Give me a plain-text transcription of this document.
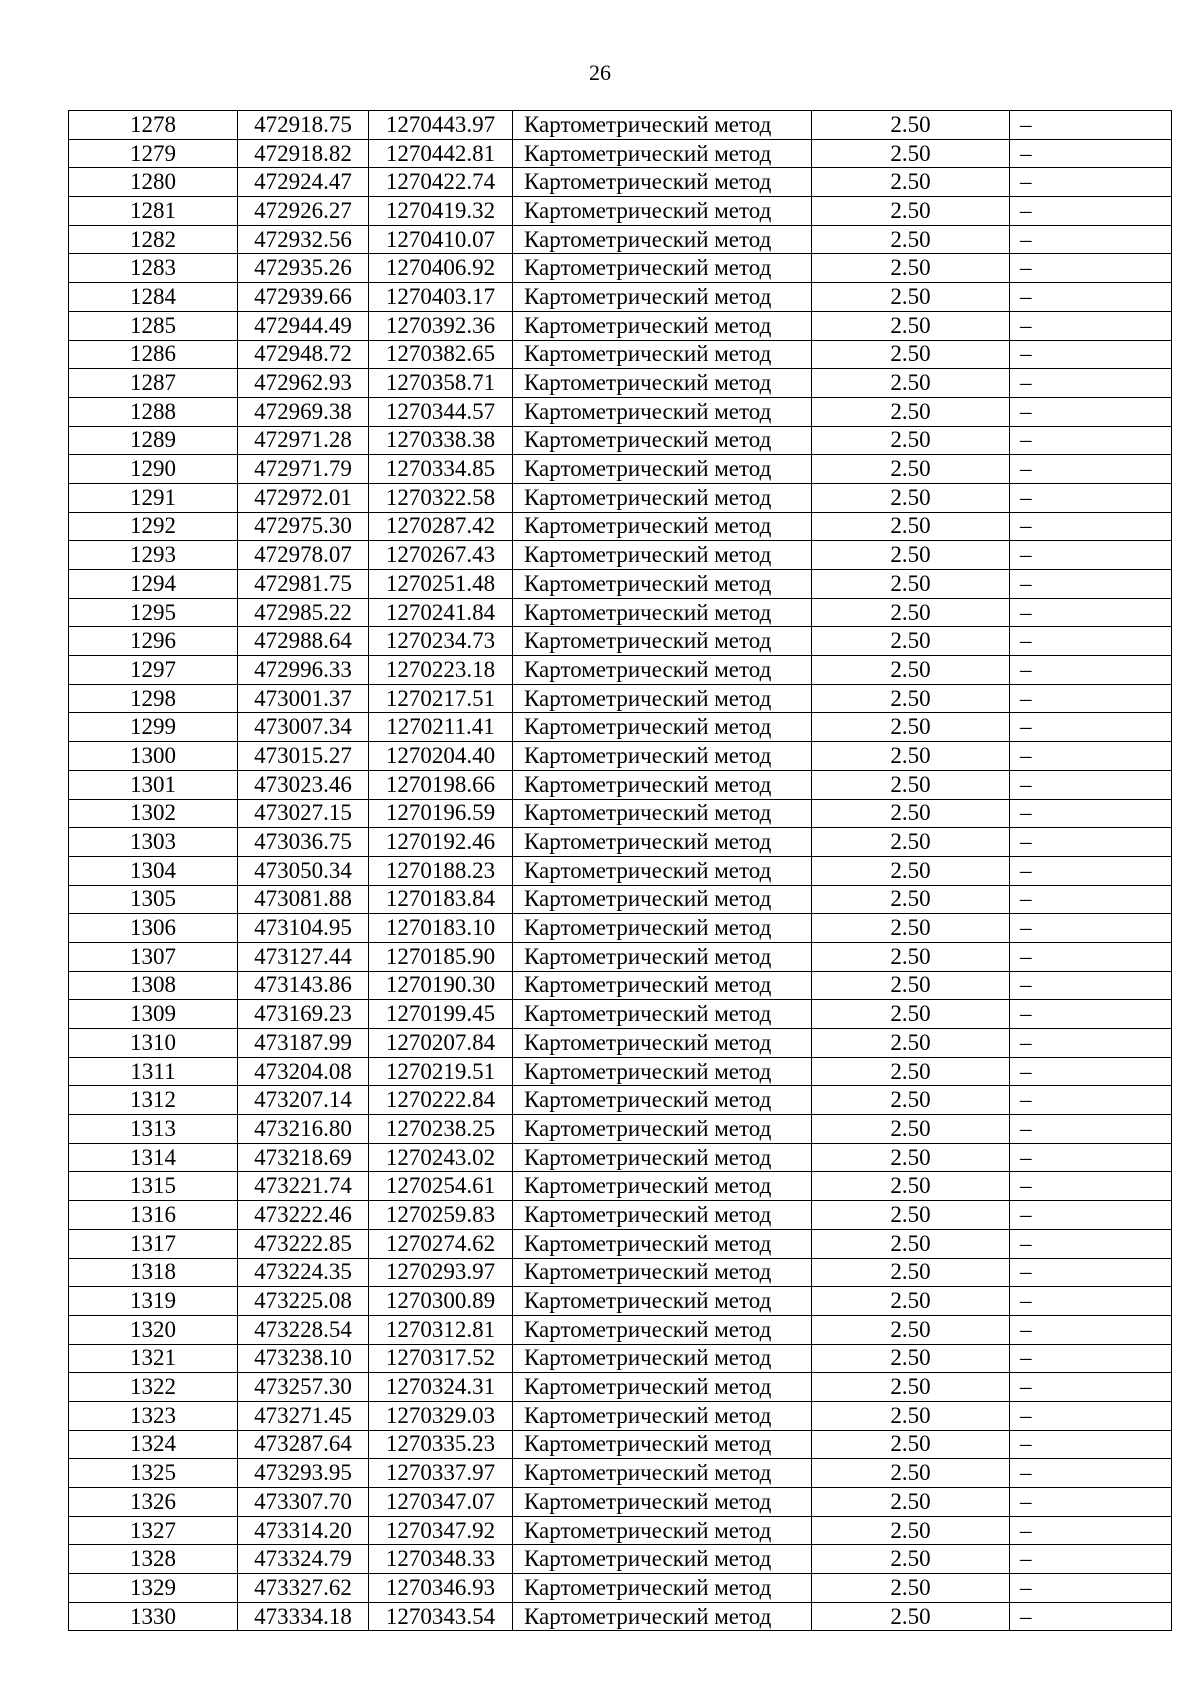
26
1278	472918.75	1270443.97	Картометрический метод	2.50	–
1279	472918.82	1270442.81	Картометрический метод	2.50	–
1280	472924.47	1270422.74	Картометрический метод	2.50	–
1281	472926.27	1270419.32	Картометрический метод	2.50	–
1282	472932.56	1270410.07	Картометрический метод	2.50	–
1283	472935.26	1270406.92	Картометрический метод	2.50	–
1284	472939.66	1270403.17	Картометрический метод	2.50	–
1285	472944.49	1270392.36	Картометрический метод	2.50	–
1286	472948.72	1270382.65	Картометрический метод	2.50	–
1287	472962.93	1270358.71	Картометрический метод	2.50	–
1288	472969.38	1270344.57	Картометрический метод	2.50	–
1289	472971.28	1270338.38	Картометрический метод	2.50	–
1290	472971.79	1270334.85	Картометрический метод	2.50	–
1291	472972.01	1270322.58	Картометрический метод	2.50	–
1292	472975.30	1270287.42	Картометрический метод	2.50	–
1293	472978.07	1270267.43	Картометрический метод	2.50	–
1294	472981.75	1270251.48	Картометрический метод	2.50	–
1295	472985.22	1270241.84	Картометрический метод	2.50	–
1296	472988.64	1270234.73	Картометрический метод	2.50	–
1297	472996.33	1270223.18	Картометрический метод	2.50	–
1298	473001.37	1270217.51	Картометрический метод	2.50	–
1299	473007.34	1270211.41	Картометрический метод	2.50	–
1300	473015.27	1270204.40	Картометрический метод	2.50	–
1301	473023.46	1270198.66	Картометрический метод	2.50	–
1302	473027.15	1270196.59	Картометрический метод	2.50	–
1303	473036.75	1270192.46	Картометрический метод	2.50	–
1304	473050.34	1270188.23	Картометрический метод	2.50	–
1305	473081.88	1270183.84	Картометрический метод	2.50	–
1306	473104.95	1270183.10	Картометрический метод	2.50	–
1307	473127.44	1270185.90	Картометрический метод	2.50	–
1308	473143.86	1270190.30	Картометрический метод	2.50	–
1309	473169.23	1270199.45	Картометрический метод	2.50	–
1310	473187.99	1270207.84	Картометрический метод	2.50	–
1311	473204.08	1270219.51	Картометрический метод	2.50	–
1312	473207.14	1270222.84	Картометрический метод	2.50	–
1313	473216.80	1270238.25	Картометрический метод	2.50	–
1314	473218.69	1270243.02	Картометрический метод	2.50	–
1315	473221.74	1270254.61	Картометрический метод	2.50	–
1316	473222.46	1270259.83	Картометрический метод	2.50	–
1317	473222.85	1270274.62	Картометрический метод	2.50	–
1318	473224.35	1270293.97	Картометрический метод	2.50	–
1319	473225.08	1270300.89	Картометрический метод	2.50	–
1320	473228.54	1270312.81	Картометрический метод	2.50	–
1321	473238.10	1270317.52	Картометрический метод	2.50	–
1322	473257.30	1270324.31	Картометрический метод	2.50	–
1323	473271.45	1270329.03	Картометрический метод	2.50	–
1324	473287.64	1270335.23	Картометрический метод	2.50	–
1325	473293.95	1270337.97	Картометрический метод	2.50	–
1326	473307.70	1270347.07	Картометрический метод	2.50	–
1327	473314.20	1270347.92	Картометрический метод	2.50	–
1328	473324.79	1270348.33	Картометрический метод	2.50	–
1329	473327.62	1270346.93	Картометрический метод	2.50	–
1330	473334.18	1270343.54	Картометрический метод	2.50	–
